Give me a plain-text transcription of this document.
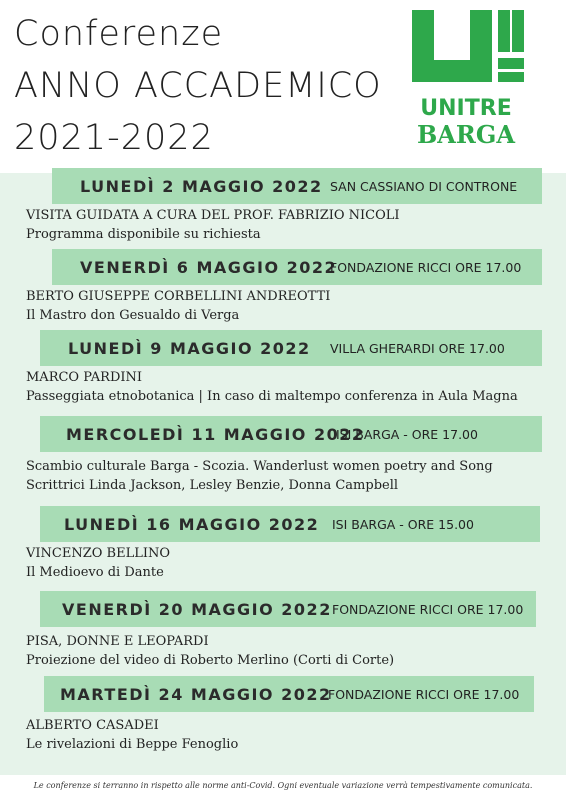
Conferenze
ANNO ACCADEMICO
2021-2022
UNITRE
BARGA
LUNEDÌ 2 MAGGIO 2022 SAN CASSIANO DI CONTRONE
VISITA GUIDATA A CURA DEL PROF. FABRIZIO NICOLI
Programma disponibile su richiesta
VENERDÌ 6 MAGGIO 2022
FONDAZIONE RICCI ORE 17.00
BERTO GIUSEPPE CORBELLINI ANDREOTTI
Il Mastro don Gesualdo di Verga
LUNEDÌ 9 MAGGIO 2022 VILLA GHERARDI ORE 17.00
MARCO PARDINI
Passeggiata etnobotanica | In caso di maltempo conferenza in Aula Magna
MERCOLEDÌ 11 MAGGIO 2022
ISI BARGA - ORE 17.00
Scambio culturale Barga - Scozia. Wanderlust women poetry and Song
Scrittrici Linda Jackson, Lesley Benzie, Donna Campbell
LUNEDÌ 16 MAGGIO 2022 ISI BARGA - ORE 15.00
VINCENZO BELLINO
Il Medioevo di Dante
VENERDÌ 20 MAGGIO 2022 FONDAZIONE RICCI ORE 17.00
PISA, DONNE E LEOPARDI
Proiezione del video di Roberto Merlino (Corti di Corte)
MARTEDÌ 24 MAGGIO 2022
FONDAZIONE RICCI ORE 17.00
ALBERTO CASADEI
Le rivelazioni di Beppe Fenoglio
Le conferenze si terranno in rispetto alle norme anti-Covid. Ogni eventuale variazione verrà tempestivamente comunicata.
